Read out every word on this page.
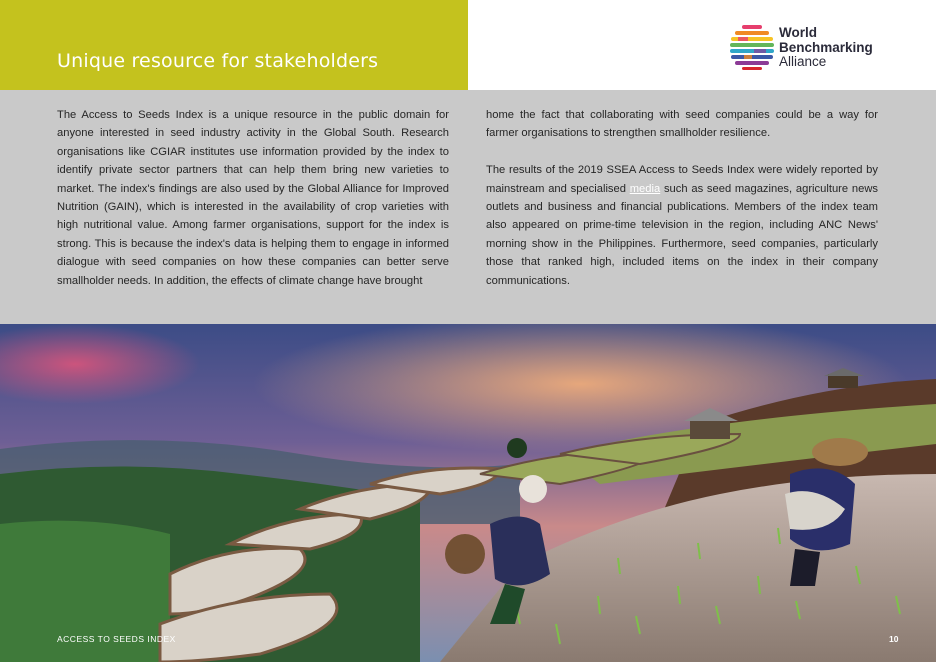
Unique resource for stakeholders
World
Benchmarking
Alliance

The Access to Seeds Index is a unique resource in the public domain for anyone interested in seed industry activity in the Global South. Research organisations like CGIAR institutes use information provided by the index to identify private sector partners that can help them bring new varieties to market. The index's findings are also used by the Global Alliance for Improved Nutrition (GAIN), which is interested in the availability of crop varieties with high nutritional value. Among farmer organisations, support for the index is strong. This is because the index's data is helping them to engage in informed dialogue with seed companies on how these companies can better serve smallholder needs. In addition, the effects of climate change have brought

home the fact that collaborating with seed companies could be a way for farmer organisations to strengthen smallholder resilience.

The results of the 2019 SSEA Access to Seeds Index were widely reported by mainstream and specialised media such as seed magazines, agriculture news outlets and business and financial publications. Members of the index team also appeared on prime-time television in the region, including ANC News' morning show in the Philippines. Furthermore, seed companies, particularly those that ranked high, included items on the index in their company communications.

ACCESS TO SEEDS INDEX	10
